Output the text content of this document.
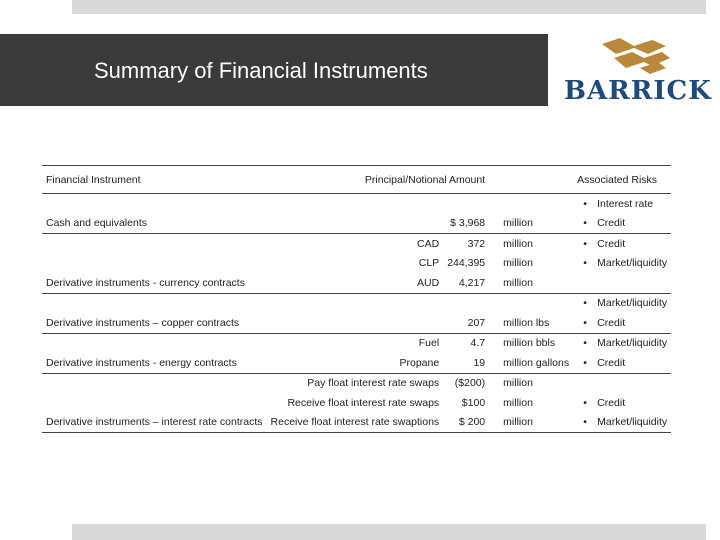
Summary of Financial Instruments
BARRICK
Financial Instrument	Principal/Notional Amount			Associated Risks
				• Interest rate
Cash and equivalents		$ 3,968	million	• Credit
	CAD	372	million	• Credit
	CLP	244,395	million	• Market/liquidity
Derivative instruments - currency contracts	AUD	4,217	million	
				• Market/liquidity
Derivative instruments – copper contracts		207	million lbs	• Credit
	Fuel	4.7	million bbls	• Market/liquidity
Derivative instruments - energy contracts	Propane	19	million gallons	• Credit
	Pay float interest rate swaps	($200)	million	
	Receive float interest rate swaps	$100	million	• Credit
Derivative instruments – interest rate contracts	Receive float interest rate swaptions	$ 200	million	• Market/liquidity
